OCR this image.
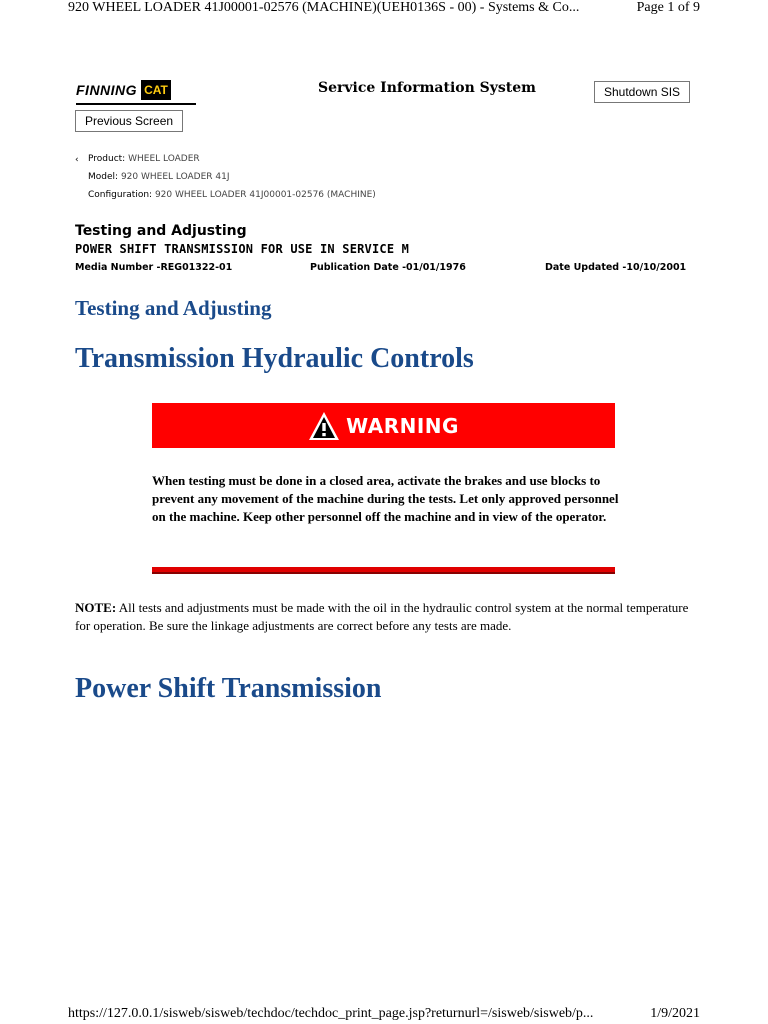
920 WHEEL LOADER 41J00001-02576 (MACHINE)(UEH0136S - 00) - Systems & Co...	Page 1 of 9
FINNING CAT	Service Information System	Shutdown SIS
Previous Screen
‹ Product: WHEEL LOADER
Model: 920 WHEEL LOADER 41J
Configuration: 920 WHEEL LOADER 41J00001-02576 (MACHINE)
Testing and Adjusting
POWER SHIFT TRANSMISSION FOR USE IN SERVICE M
Media Number -REG01322-01	Publication Date -01/01/1976	Date Updated -10/10/2001
Testing and Adjusting
Transmission Hydraulic Controls
WARNING
When testing must be done in a closed area, activate the brakes and use blocks to prevent any movement of the machine during the tests. Let only approved personnel on the machine. Keep other personnel off the machine and in view of the operator.
NOTE: All tests and adjustments must be made with the oil in the hydraulic control system at the normal temperature for operation. Be sure the linkage adjustments are correct before any tests are made.
Power Shift Transmission
https://127.0.0.1/sisweb/sisweb/techdoc/techdoc_print_page.jsp?returnurl=/sisweb/sisweb/p...	1/9/2021
